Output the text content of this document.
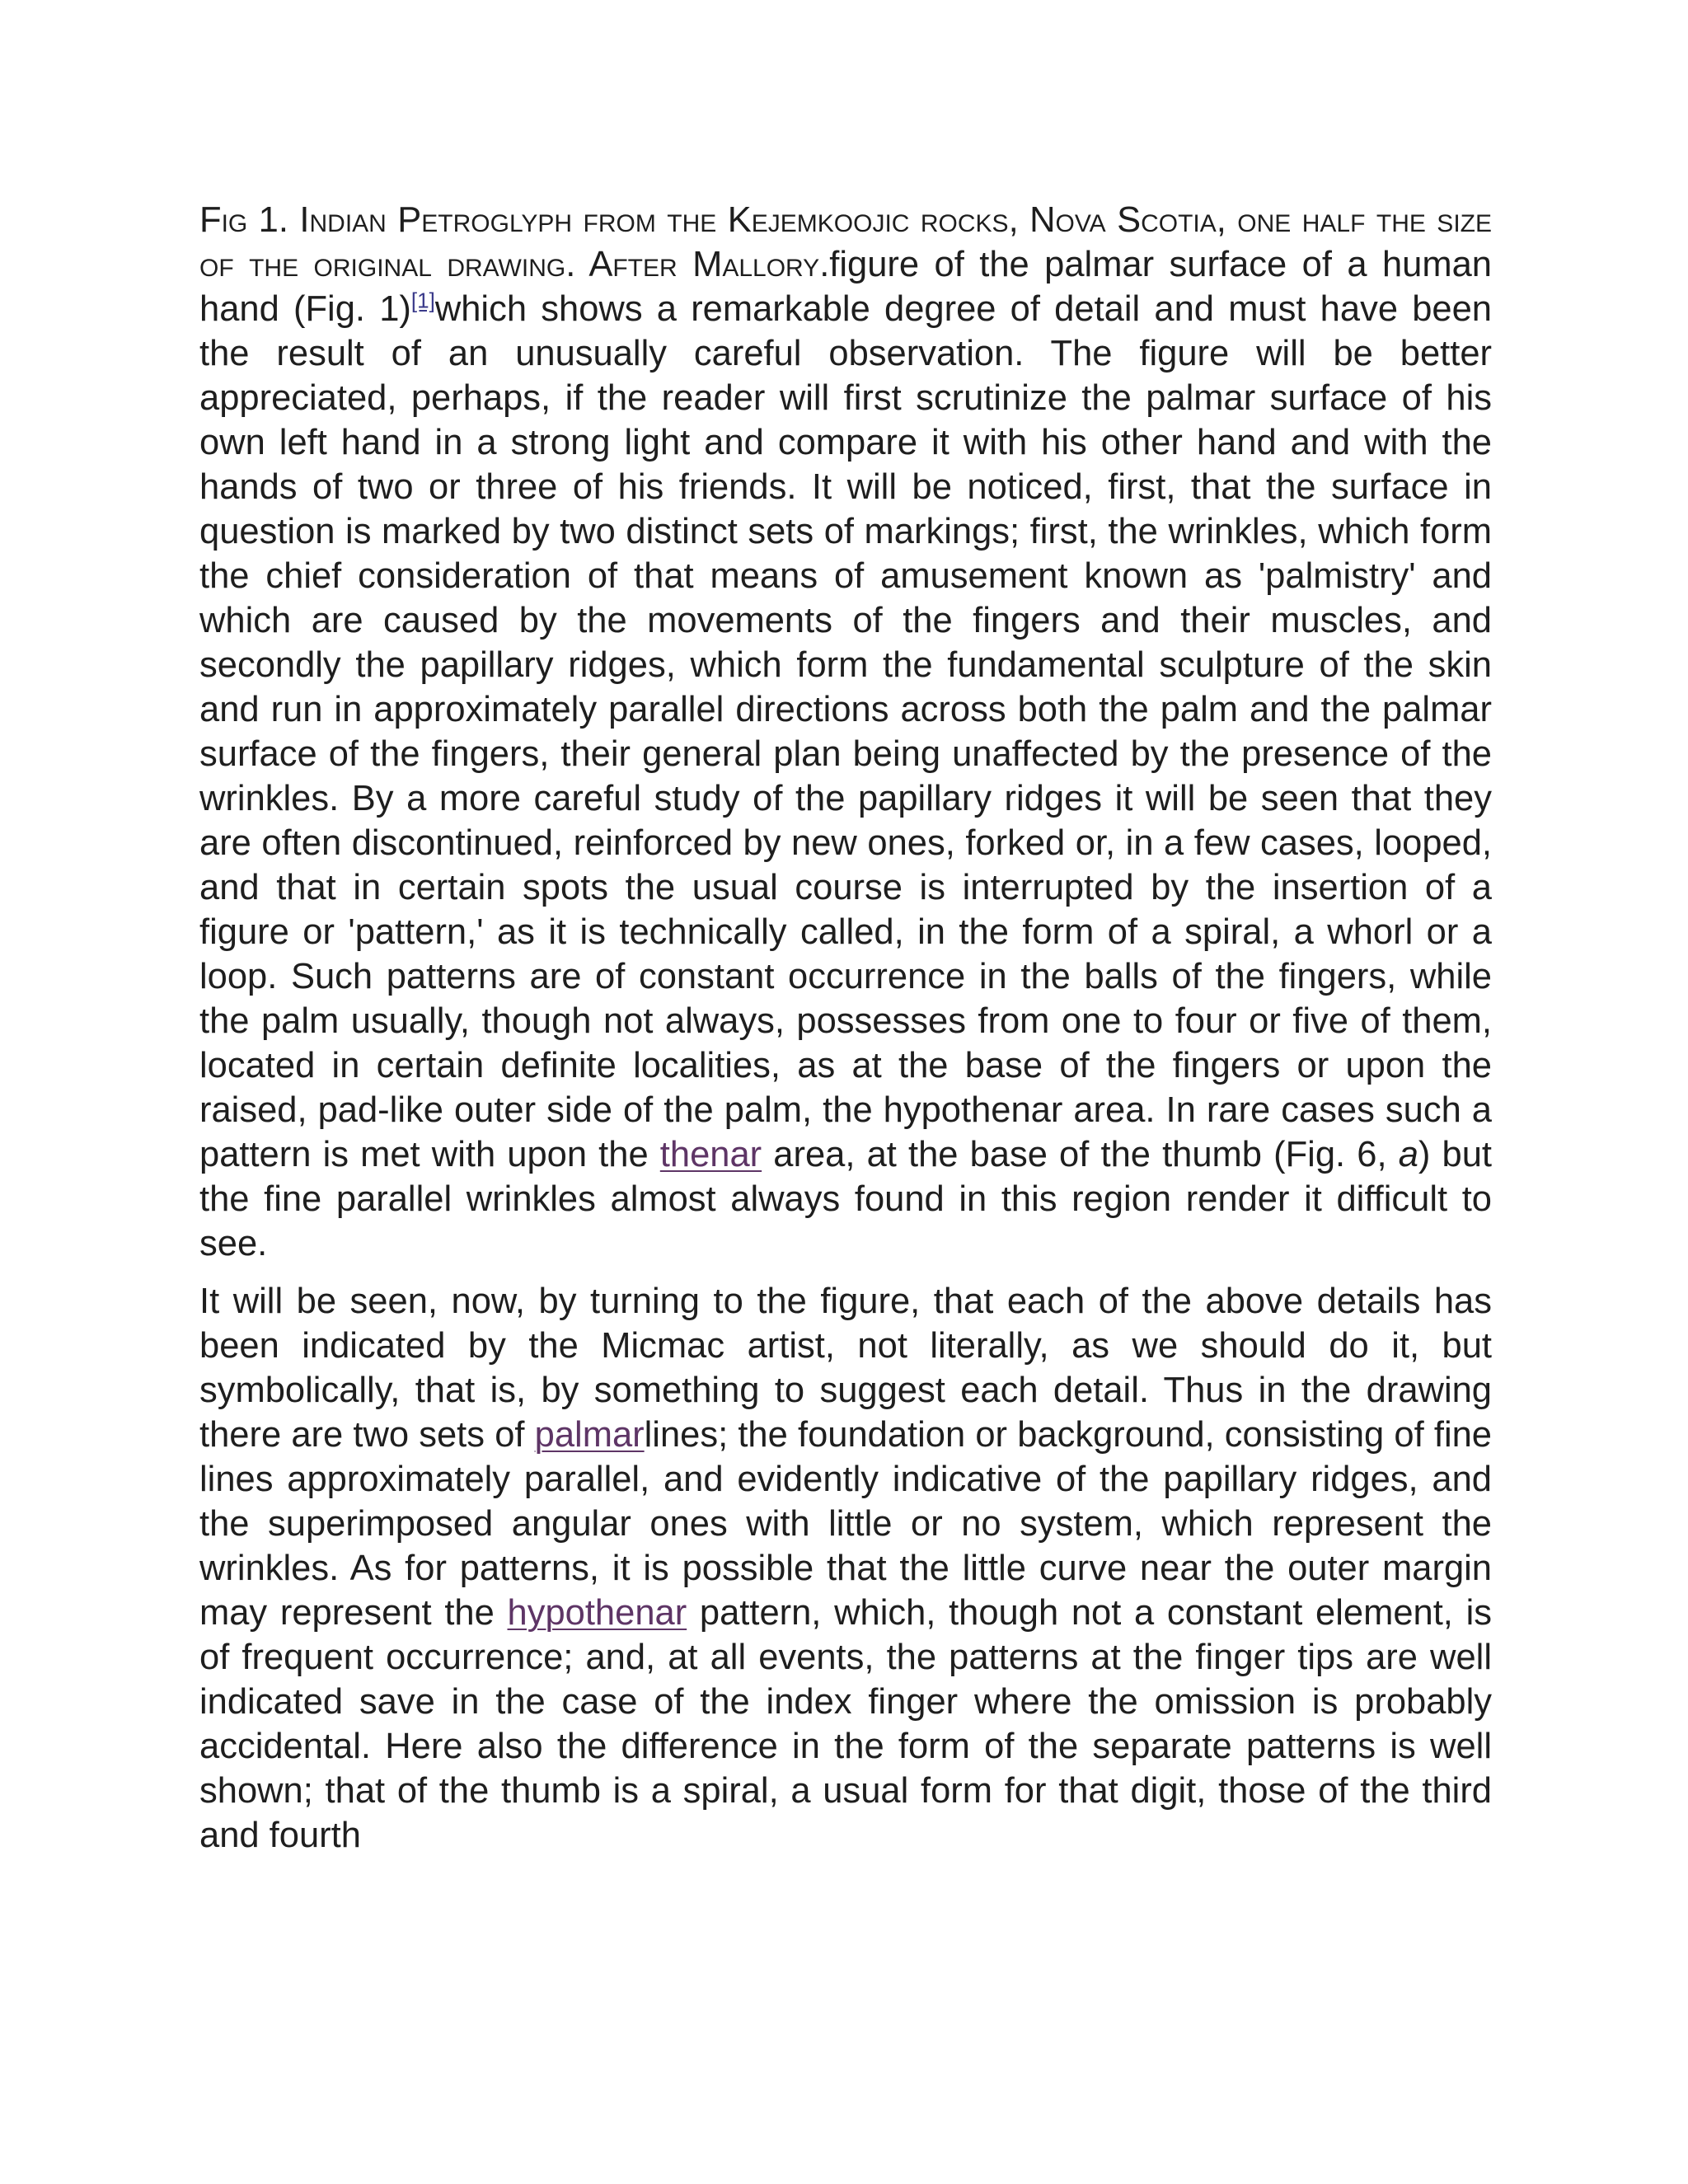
Fig 1. Indian Petroglyph from the Kejemkoojic rocks, Nova Scotia, one half the size of the original drawing. After Mallory.figure of the palmar surface of a human hand (Fig. 1)[1]which shows a remarkable degree of detail and must have been the result of an unusually careful observation. The figure will be better appreciated, perhaps, if the reader will first scrutinize the palmar surface of his own left hand in a strong light and compare it with his other hand and with the hands of two or three of his friends. It will be noticed, first, that the surface in question is marked by two distinct sets of markings; first, the wrinkles, which form the chief consideration of that means of amusement known as 'palmistry' and which are caused by the movements of the fingers and their muscles, and secondly the papillary ridges, which form the fundamental sculpture of the skin and run in approximately parallel directions across both the palm and the palmar surface of the fingers, their general plan being unaffected by the presence of the wrinkles. By a more careful study of the papillary ridges it will be seen that they are often discontinued, reinforced by new ones, forked or, in a few cases, looped, and that in certain spots the usual course is interrupted by the insertion of a figure or 'pattern,' as it is technically called, in the form of a spiral, a whorl or a loop. Such patterns are of constant occurrence in the balls of the fingers, while the palm usually, though not always, possesses from one to four or five of them, located in certain definite localities, as at the base of the fingers or upon the raised, pad-like outer side of the palm, the hypothenar area. In rare cases such a pattern is met with upon the thenar area, at the base of the thumb (Fig. 6, a) but the fine parallel wrinkles almost always found in this region render it difficult to see.

It will be seen, now, by turning to the figure, that each of the above details has been indicated by the Micmac artist, not literally, as we should do it, but symbolically, that is, by something to suggest each detail. Thus in the drawing there are two sets of palmarlines; the foundation or background, consisting of fine lines approximately parallel, and evidently indicative of the papillary ridges, and the superimposed angular ones with little or no system, which represent the wrinkles. As for patterns, it is possible that the little curve near the outer margin may represent the hypothenar pattern, which, though not a constant element, is of frequent occurrence; and, at all events, the patterns at the finger tips are well indicated save in the case of the index finger where the omission is probably accidental. Here also the difference in the form of the separate patterns is well shown; that of the thumb is a spiral, a usual form for that digit, those of the third and fourth
